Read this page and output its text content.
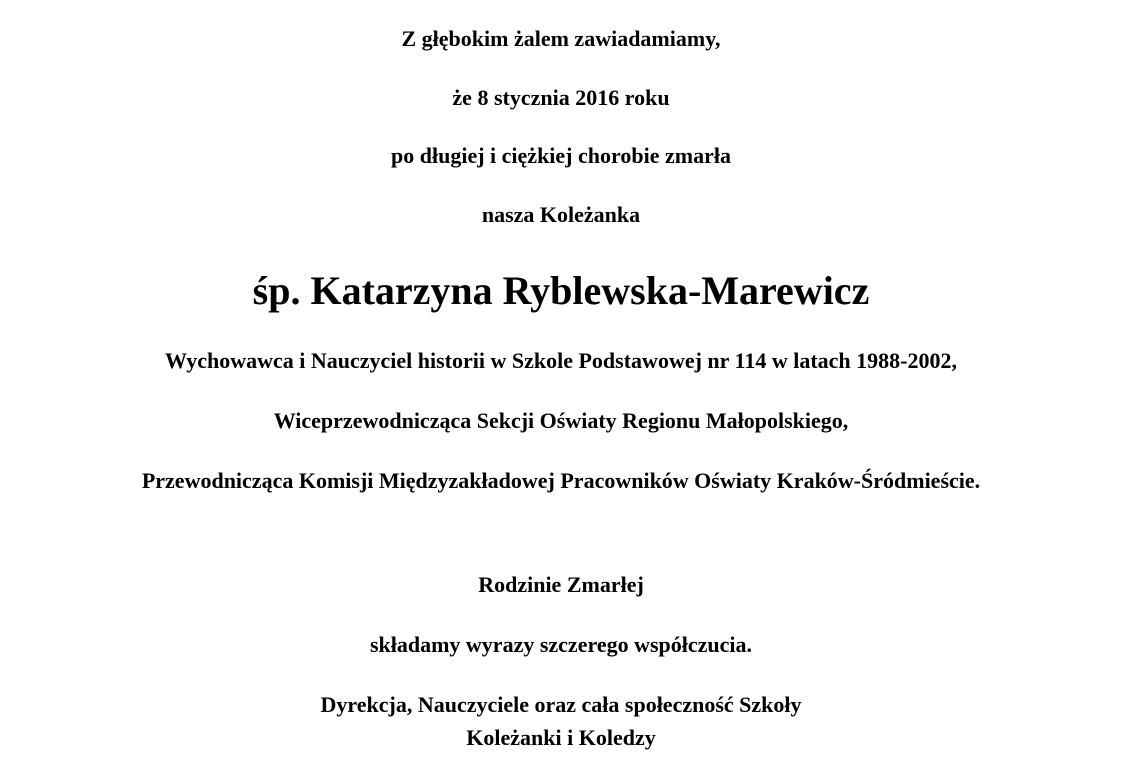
Z głębokim żalem zawiadamiamy,
że 8 stycznia 2016 roku
po długiej i ciężkiej chorobie zmarła
nasza Koleżanka
śp. Katarzyna Ryblewska-Marewicz
Wychowawca i Nauczyciel historii w Szkole Podstawowej nr 114 w latach 1988-2002,
Wiceprzewodnicząca Sekcji Oświaty Regionu Małopolskiego,
Przewodnicząca Komisji Międzyzakładowej Pracowników Oświaty Kraków-Śródmieście.
Rodzinie Zmarłej
składamy wyrazy szczerego współczucia.
Dyrekcja, Nauczyciele oraz cała społeczność Szkoły
Koleżanki i Koledzy
